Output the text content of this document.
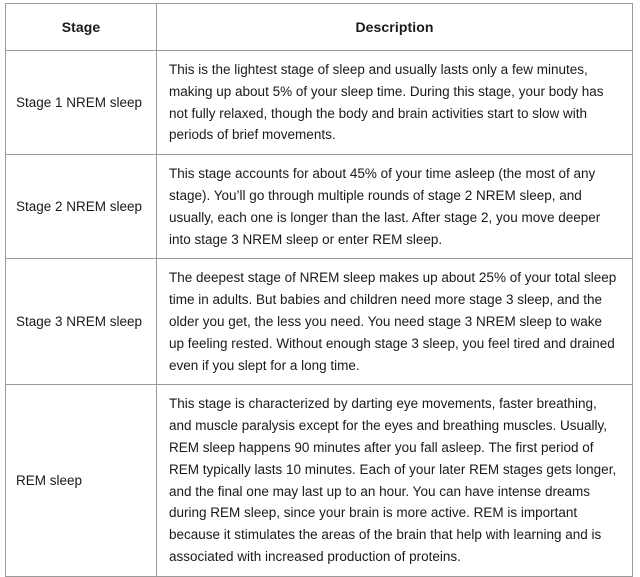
Stage	Description
Stage 1 NREM sleep	This is the lightest stage of sleep and usually lasts only a few minutes, making up about 5% of your sleep time. During this stage, your body has not fully relaxed, though the body and brain activities start to slow with periods of brief movements.
Stage 2 NREM sleep	This stage accounts for about 45% of your time asleep (the most of any stage). You’ll go through multiple rounds of stage 2 NREM sleep, and usually, each one is longer than the last. After stage 2, you move deeper into stage 3 NREM sleep or enter REM sleep.
Stage 3 NREM sleep	The deepest stage of NREM sleep makes up about 25% of your total sleep time in adults. But babies and children need more stage 3 sleep, and the older you get, the less you need. You need stage 3 NREM sleep to wake up feeling rested. Without enough stage 3 sleep, you feel tired and drained even if you slept for a long time.
REM sleep	This stage is characterized by darting eye movements, faster breathing, and muscle paralysis except for the eyes and breathing muscles. Usually, REM sleep happens 90 minutes after you fall asleep. The first period of REM typically lasts 10 minutes. Each of your later REM stages gets longer, and the final one may last up to an hour. You can have intense dreams during REM sleep, since your brain is more active. REM is important because it stimulates the areas of the brain that help with learning and is associated with increased production of proteins.
